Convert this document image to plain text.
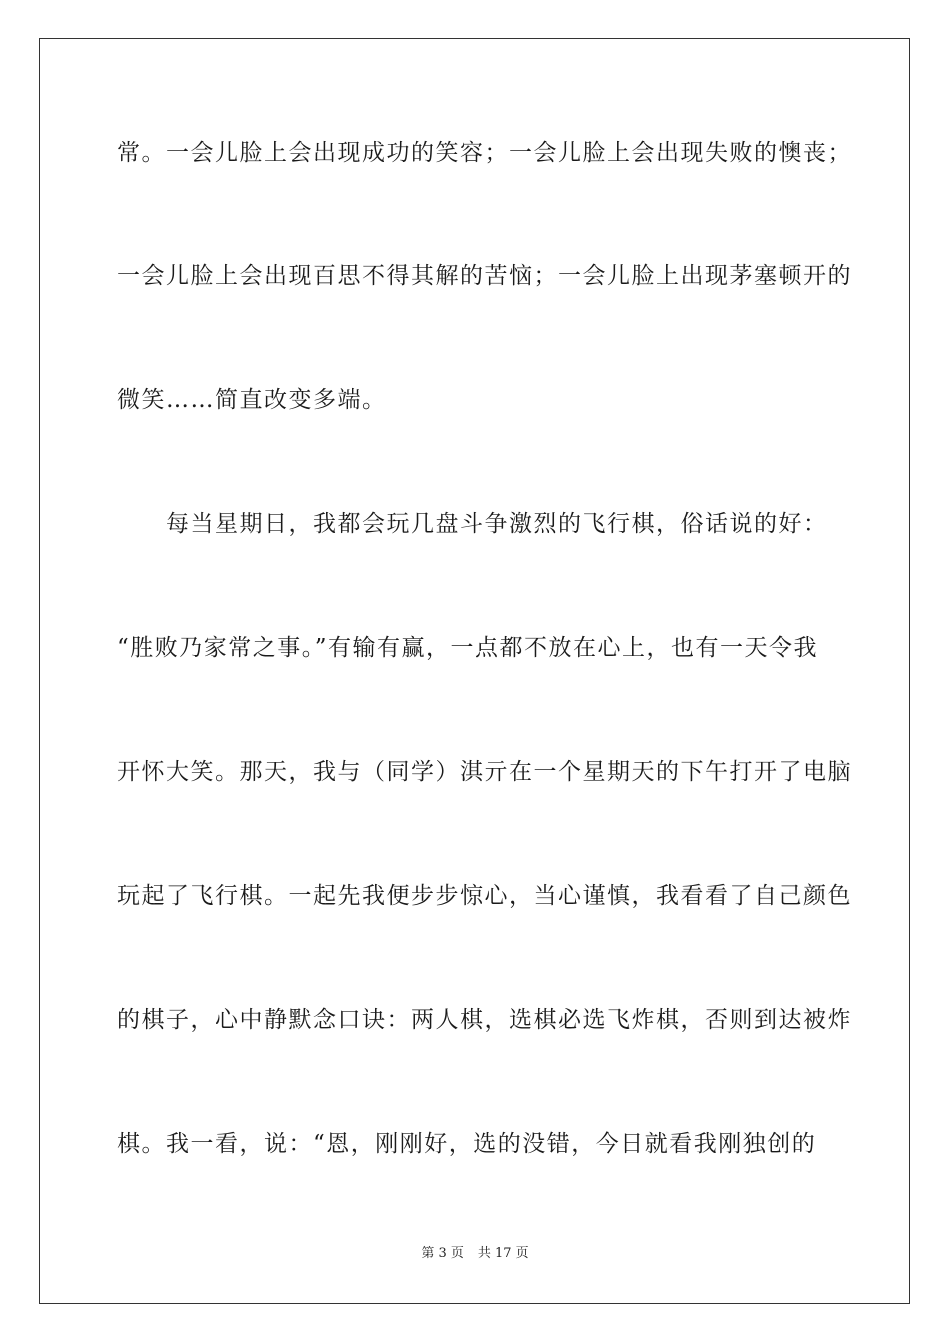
常。一会儿脸上会出现成功的笑容；一会儿脸上会出现失败的懊丧；
一会儿脸上会出现百思不得其解的苦恼；一会儿脸上出现茅塞顿开的
微笑……简直改变多端。
　　每当星期日，我都会玩几盘斗争激烈的飞行棋，俗话说的好：
“胜败乃家常之事。”有输有赢，一点都不放在心上，也有一天令我
开怀大笑。那天，我与（同学）淇亓在一个星期天的下午打开了电脑
玩起了飞行棋。一起先我便步步惊心，当心谨慎，我看看了自己颜色
的棋子，心中静默念口诀：两人棋，选棋必选飞炸棋，否则到达被炸
棋。我一看，说：“恩，刚刚好，选的没错，今日就看我刚独创的
第 3 页 共 17 页
